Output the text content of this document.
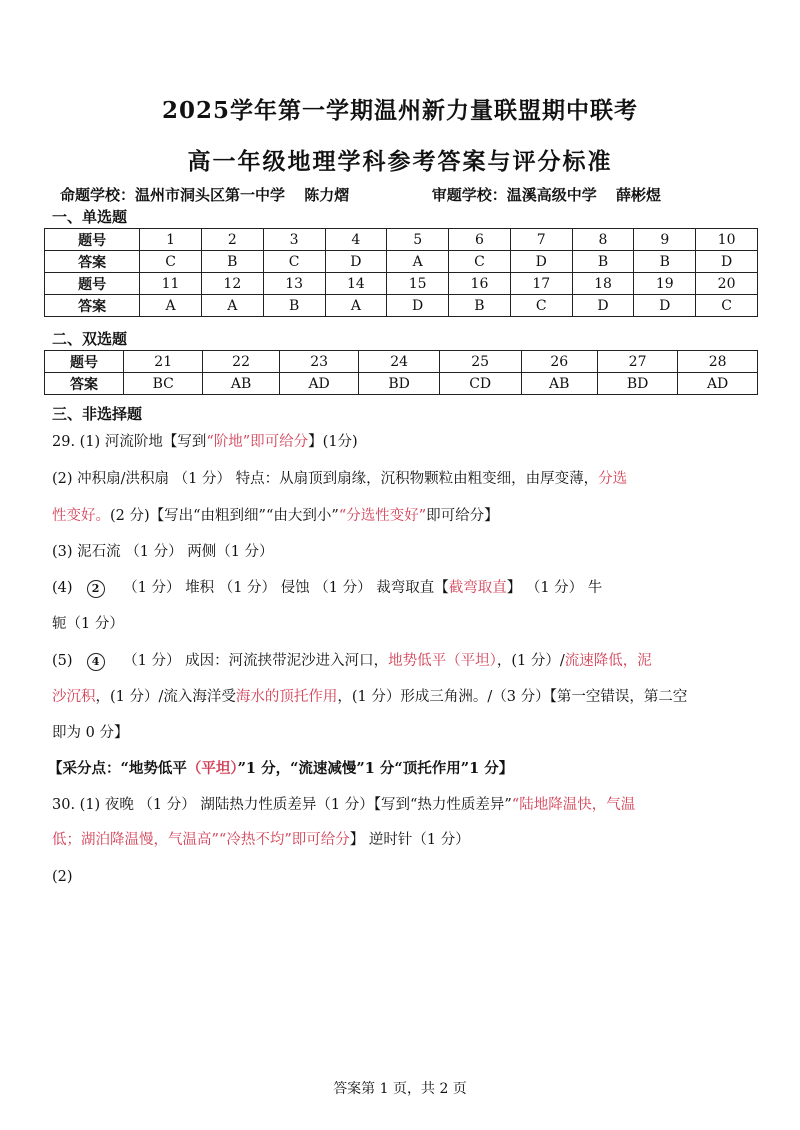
2025学年第一学期温州新力量联盟期中联考
高一年级地理学科参考答案与评分标准
命题学校：温州市洞头区第一中学 陈力熠	审题学校：温溪高级中学 薛彬煜
一、单选题
题号	1	2	3	4	5	6	7	8	9	10
答案	C	B	C	D	A	C	D	B	B	D
题号	11	12	13	14	15	16	17	18	19	20
答案	A	A	B	A	D	B	C	D	D	C
二、双选题
题号	21	22	23	24	25	26	27	28
答案	BC	AB	AD	BD	CD	AB	BD	AD
三、非选择题
29. (1) 河流阶地【写到“阶地”即可给分】(1分)
(2) 冲积扇/洪积扇 （1 分） 特点：从扇顶到扇缘，沉积物颗粒由粗变细，由厚变薄，分选
性变好。(2 分)【写出“由粗到细”“由大到小”“分选性变好”即可给分】
(3) 泥石流 （1 分） 两侧（1 分）
(4) 2 （1 分） 堆积 （1 分） 侵蚀 （1 分） 裁弯取直【截弯取直】 （1 分） 牛
轭（1 分）
(5) 4 （1 分） 成因：河流挟带泥沙进入河口，地势低平（平坦），(1 分）/流速降低，泥
沙沉积，(1 分）/流入海洋受海水的顶托作用，(1 分）形成三角洲。/（3 分）【第一空错误，第二空
即为 0 分】
【采分点：“地势低平（平坦）”1 分，“流速减慢”1 分“顶托作用”1 分】
30. (1) 夜晚 （1 分） 湖陆热力性质差异（1 分）【写到“热力性质差异”“陆地降温快，气温
低；湖泊降温慢，气温高”“冷热不均”即可给分】 逆时针（1 分）
(2)
答案第 1 页，共 2 页
